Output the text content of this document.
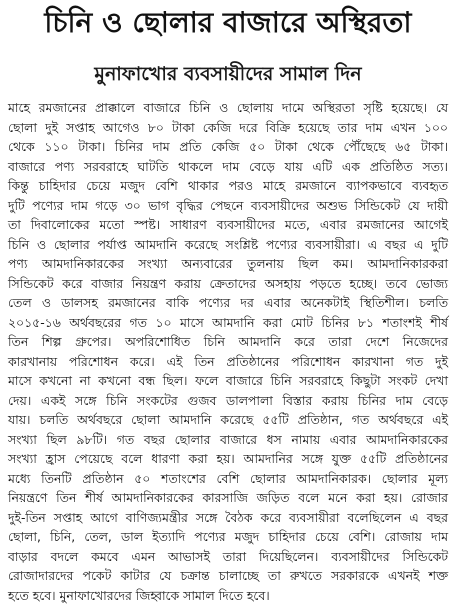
চিনি ও ছোলার বাজারে অস্থিরতা
মুনাফাখোর ব্যবসায়ীদের সামাল দিন
মাহে রমজানের প্রাক্কালে বাজারে চিনি ও ছোলায় দামে অস্থিরতা সৃষ্টি হয়েছে। যে
ছোলা দুই সপ্তাহ আগেও ৮০ টাকা কেজি দরে বিক্রি হয়েছে তার দাম এখন ১০০
থেকে ১১০ টাকা। চিনির দাম প্রতি কেজি ৫০ টাকা থেকে পৌঁছেছে ৬৫ টাকা।
বাজারে পণ্য সরবরাহে ঘাটতি থাকলে দাম বেড়ে যায় এটি এক প্রতিষ্ঠিত সত্য।
কিন্তু চাহিদার চেয়ে মজুদ বেশি থাকার পরও মাহে রমজানে ব্যাপকভাবে ব্যবহৃত
দুটি পণ্যের দাম গড়ে ৩০ ভাগ বৃদ্ধির পেছনে ব্যবসায়ীদের অশুভ সিন্ডিকেট যে দায়ী
তা দিবালোকের মতো স্পষ্ট। সাধারণ ব্যবসায়ীদের মতে, এবার রমজানের আগেই
চিনি ও ছোলার পর্যাপ্ত আমদানি করেছে সংশ্লিষ্ট পণ্যের ব্যবসায়ীরা। এ বছর এ দুটি
পণ্য আমদানিকারকের সংখ্যা অন্যবারের তুলনায় ছিল কম। আমদানিকারকরা
সিন্ডিকেট করে বাজার নিয়ন্ত্রণ করায় ক্রেতাদের অসহায় পড়তে হচ্ছে। তবে ভোজ্য
তেল ও ডালসহ রমজানের বাকি পণ্যের দর এবার অনেকটাই স্থিতিশীল। চলতি
২০১৫-১৬ অর্থবছরের গত ১০ মাসে আমদানি করা মোট চিনির ৮১ শতাংশই শীর্ষ
তিন শিল্প গ্রুপের। অপরিশোধিত চিনি আমদানি করে তারা দেশে নিজেদের
কারখানায় পরিশোধন করে। এই তিন প্রতিষ্ঠানের পরিশোধন কারখানা গত দুই
মাসে কখনো না কখনো বন্ধ ছিল। ফলে বাজারে চিনি সরবরাহে কিছুটা সংকট দেখা
দেয়। একই সঙ্গে চিনি সংকটের গুজব ডালপালা বিস্তার করায় চিনির দাম বেড়ে
যায়। চলতি অর্থবছরে ছোলা আমদানি করেছে ৫৫টি প্রতিষ্ঠান, গত অর্থবছরে এই
সংখ্যা ছিল ৯৮টি। গত বছর ছোলার বাজারে ধস নামায় এবার আমদানিকারকের
সংখ্যা হ্রাস পেয়েছে বলে ধারণা করা হয়। আমদানির সঙ্গে যুক্ত ৫৫টি প্রতিষ্ঠানের
মধ্যে তিনটি প্রতিষ্ঠান ৫০ শতাংশের বেশি ছোলার আমদানিকারক। ছোলার মূল্য
নিয়ন্ত্রণে তিন শীর্ষ আমদানিকারকের কারসাজি জড়িত বলে মনে করা হয়। রোজার
দুই-তিন সপ্তাহ আগে বাণিজ্যমন্ত্রীর সঙ্গে বৈঠক করে ব্যবসায়ীরা বলেছিলেন এ বছর
ছোলা, চিনি, তেল, ডাল ইত্যাদি পণ্যের মজুদ চাহিদার চেয়ে বেশি। রোজায় দাম
বাড়ার বদলে কমবে এমন আভাসই তারা দিয়েছিলেন। ব্যবসায়ীদের সিন্ডিকেট
রোজাদারদের পকেট কাটার যে চক্রান্ত চালাচ্ছে তা রুখতে সরকারকে এখনই শক্ত
হতে হবে। মুনাফাখোরদের জিহ্বাকে সামাল দিতে হবে।
